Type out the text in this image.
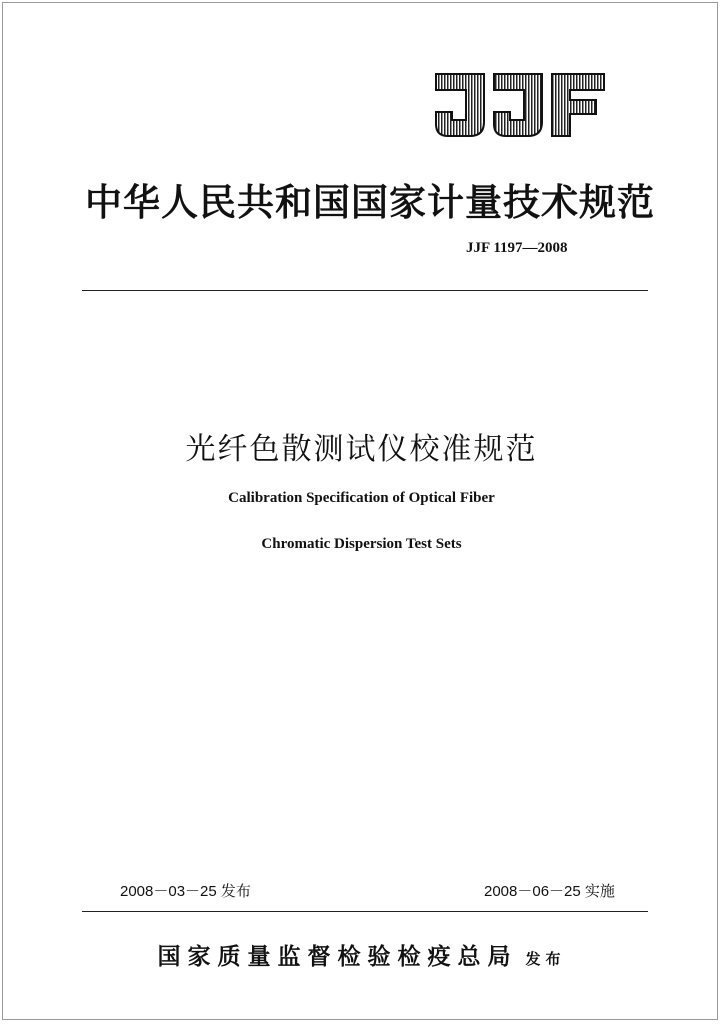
中华人民共和国国家计量技术规范
JJF 1197—2008
光纤色散测试仪校准规范
Calibration Specification of Optical Fiber
Chromatic Dispersion Test Sets
2008－03－25 发布	2008－06－25 实施
国家质量监督检验检疫总局 发布
